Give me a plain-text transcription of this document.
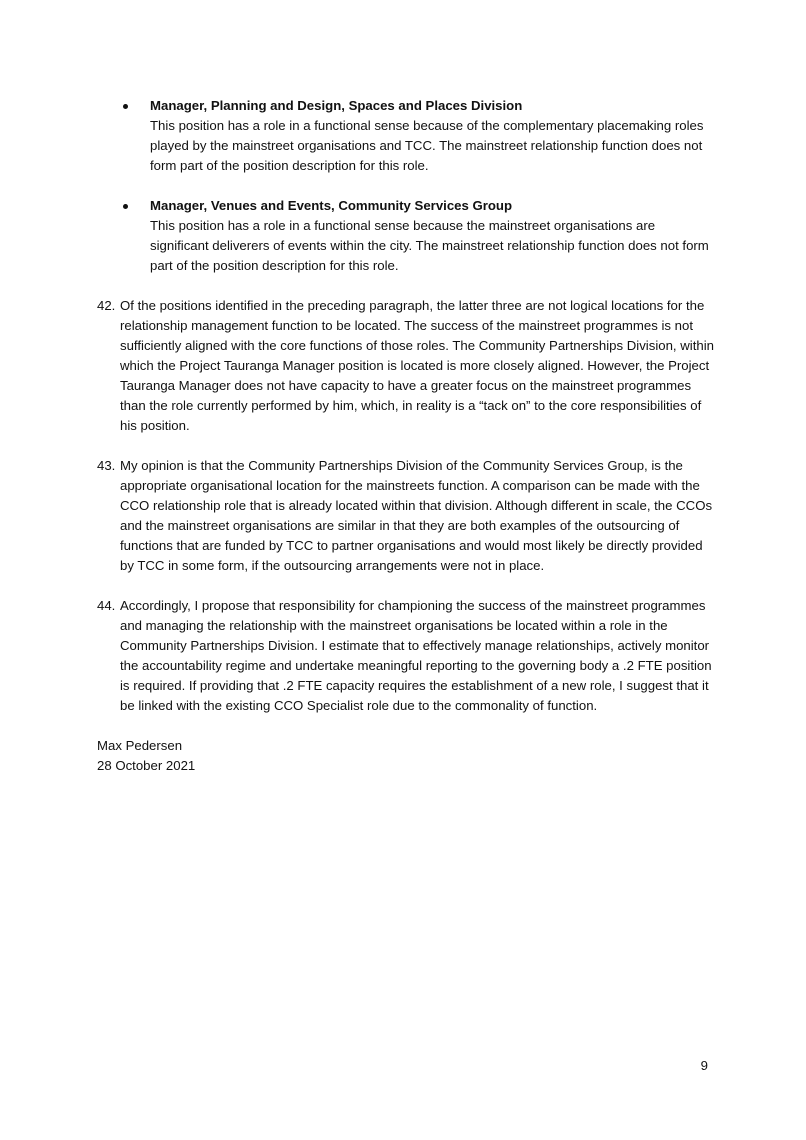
Manager, Planning and Design, Spaces and Places Division
This position has a role in a functional sense because of the complementary placemaking roles played by the mainstreet organisations and TCC. The mainstreet relationship function does not form part of the position description for this role.
Manager, Venues and Events, Community Services Group
This position has a role in a functional sense because the mainstreet organisations are significant deliverers of events within the city. The mainstreet relationship function does not form part of the position description for this role.
42. Of the positions identified in the preceding paragraph, the latter three are not logical locations for the relationship management function to be located. The success of the mainstreet programmes is not sufficiently aligned with the core functions of those roles. The Community Partnerships Division, within which the Project Tauranga Manager position is located is more closely aligned. However, the Project Tauranga Manager does not have capacity to have a greater focus on the mainstreet programmes than the role currently performed by him, which, in reality is a “tack on” to the core responsibilities of his position.
43. My opinion is that the Community Partnerships Division of the Community Services Group, is the appropriate organisational location for the mainstreets function. A comparison can be made with the CCO relationship role that is already located within that division. Although different in scale, the CCOs and the mainstreet organisations are similar in that they are both examples of the outsourcing of functions that are funded by TCC to partner organisations and would most likely be directly provided by TCC in some form, if the outsourcing arrangements were not in place.
44. Accordingly, I propose that responsibility for championing the success of the mainstreet programmes and managing the relationship with the mainstreet organisations be located within a role in the Community Partnerships Division. I estimate that to effectively manage relationships, actively monitor the accountability regime and undertake meaningful reporting to the governing body a .2 FTE position is required. If providing that .2 FTE capacity requires the establishment of a new role, I suggest that it be linked with the existing CCO Specialist role due to the commonality of function.
Max Pedersen
28 October 2021
9
